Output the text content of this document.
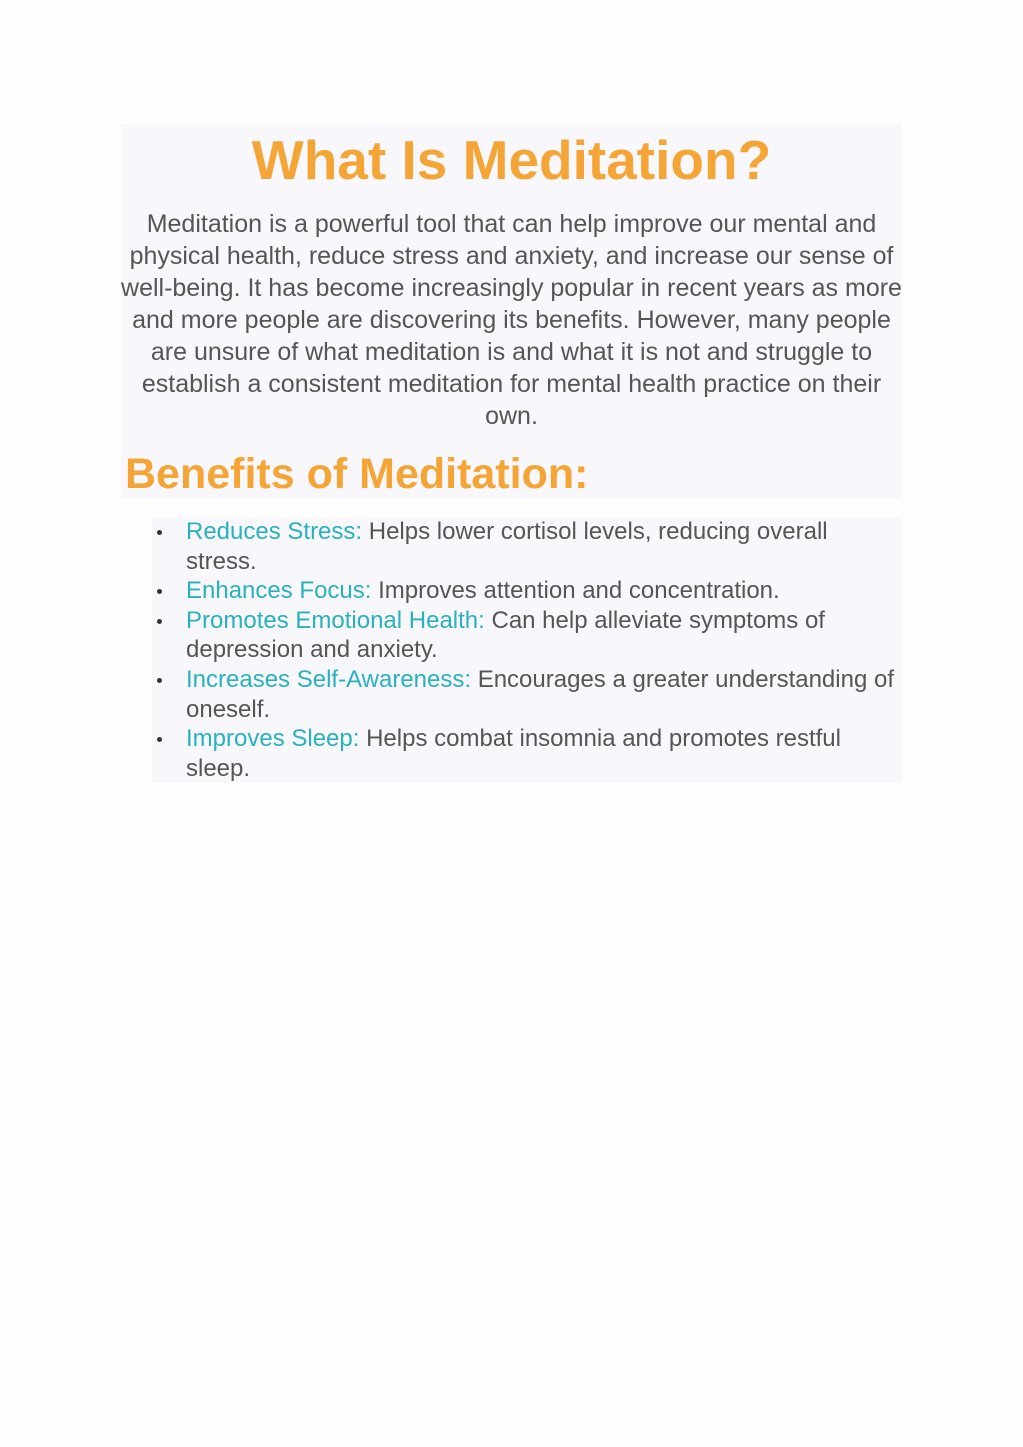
What Is Meditation?

Meditation is a powerful tool that can help improve our mental and physical health, reduce stress and anxiety, and increase our sense of well-being. It has become increasingly popular in recent years as more and more people are discovering its benefits. However, many people are unsure of what meditation is and what it is not and struggle to establish a consistent meditation for mental health practice on their own.

Benefits of Meditation:
Reduces Stress: Helps lower cortisol levels, reducing overall stress.
Enhances Focus: Improves attention and concentration.
Promotes Emotional Health: Can help alleviate symptoms of depression and anxiety.
Increases Self-Awareness: Encourages a greater understanding of oneself.
Improves Sleep: Helps combat insomnia and promotes restful sleep.
